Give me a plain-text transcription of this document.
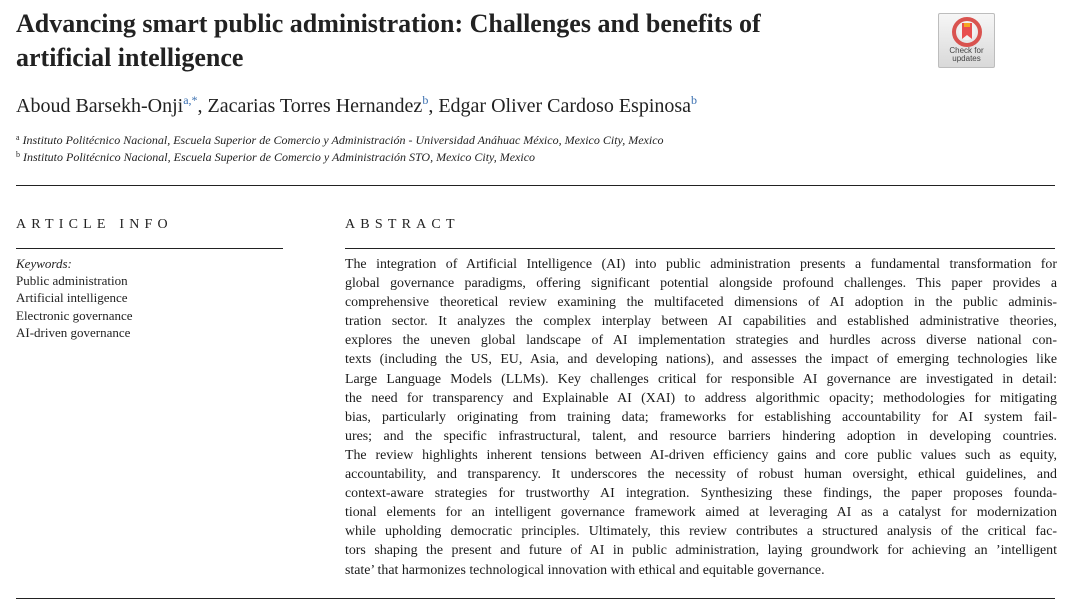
Advancing smart public administration: Challenges and benefits of
artificial intelligence	Check for
updates
Aboud Barsekh-Onji$^{a,*}$, Zacarias Torres Hernandez$^b$, Edgar Oliver Cardoso Espinosa$^b$
$^a$ Instituto Politécnico Nacional, Escuela Superior de Comercio y Administración - Universidad Anáhuac México, Mexico City, Mexico
$^b$ Instituto Politécnico Nacional, Escuela Superior de Comercio y Administración STO, Mexico City, Mexico
ARTICLE INFO	ABSTRACT
Keywords:
Public administration
Artificial intelligence
Electronic governance
AI-driven governance
The integration of Artificial Intelligence (AI) into public administration presents a fundamental transformation for
global governance paradigms, offering significant potential alongside profound challenges. This paper provides a
comprehensive theoretical review examining the multifaceted dimensions of AI adoption in the public adminis-
tration sector. It analyzes the complex interplay between AI capabilities and established administrative theories,
explores the uneven global landscape of AI implementation strategies and hurdles across diverse national con-
texts (including the US, EU, Asia, and developing nations), and assesses the impact of emerging technologies like
Large Language Models (LLMs). Key challenges critical for responsible AI governance are investigated in detail:
the need for transparency and Explainable AI (XAI) to address algorithmic opacity; methodologies for mitigating
bias, particularly originating from training data; frameworks for establishing accountability for AI system fail-
ures; and the specific infrastructural, talent, and resource barriers hindering adoption in developing countries.
The review highlights inherent tensions between AI-driven efficiency gains and core public values such as equity,
accountability, and transparency. It underscores the necessity of robust human oversight, ethical guidelines, and
context-aware strategies for trustworthy AI integration. Synthesizing these findings, the paper proposes founda-
tional elements for an intelligent governance framework aimed at leveraging AI as a catalyst for modernization
while upholding democratic principles. Ultimately, this review contributes a structured analysis of the critical fac-
tors shaping the present and future of AI in public administration, laying groundwork for achieving an ’intelligent
state’ that harmonizes technological innovation with ethical and equitable governance.
